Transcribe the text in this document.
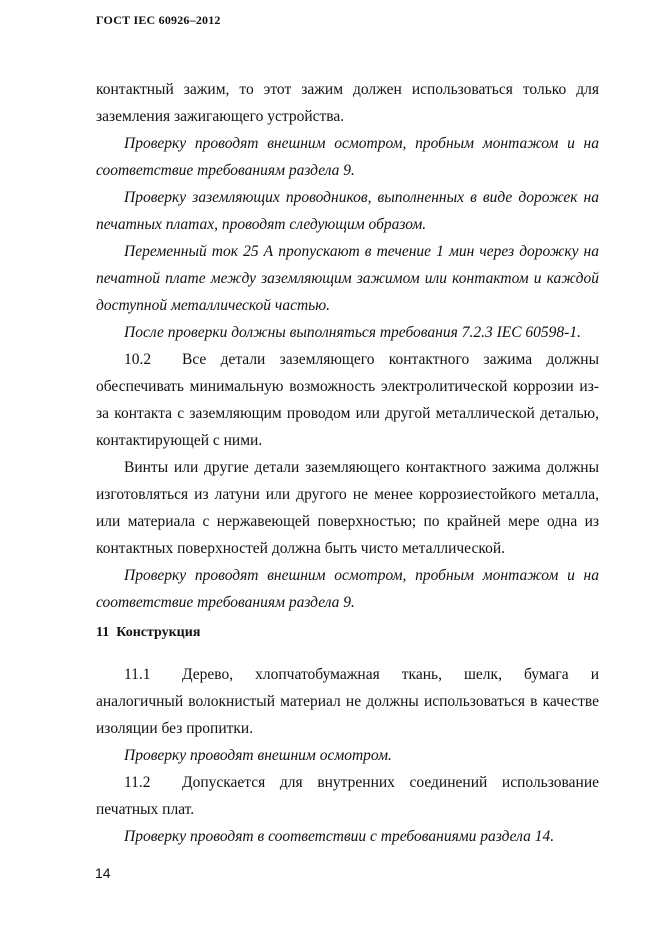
ГОСТ IEC 60926–2012

контактный зажим, то этот зажим должен использоваться только для заземления зажигающего устройства.

Проверку проводят внешним осмотром, пробным монтажом и на соответствие требованиям раздела 9.

Проверку заземляющих проводников, выполненных в виде дорожек на печатных платах, проводят следующим образом.

Переменный ток 25 А пропускают в течение 1 мин через дорожку на печатной плате между заземляющим зажимом или контактом и каждой доступной металлической частью.

После проверки должны выполняться требования 7.2.3 IEC 60598-1.

10.2 Все детали заземляющего контактного зажима должны обеспечивать минимальную возможность электролитической коррозии из-за контакта с заземляющим проводом или другой металлической деталью, контактирующей с ними.

Винты или другие детали заземляющего контактного зажима должны изготовляться из латуни или другого не менее коррозиестойкого металла, или материала с нержавеющей поверхностью; по крайней мере одна из контактных поверхностей должна быть чисто металлической.

Проверку проводят внешним осмотром, пробным монтажом и на соответствие требованиям раздела 9.

11 Конструкция

11.1 Дерево, хлопчатобумажная ткань, шелк, бумага и аналогичный волокнистый материал не должны использоваться в качестве изоляции без пропитки.

Проверку проводят внешним осмотром.

11.2 Допускается для внутренних соединений использование печатных плат.

Проверку проводят в соответствии с требованиями раздела 14.

14
